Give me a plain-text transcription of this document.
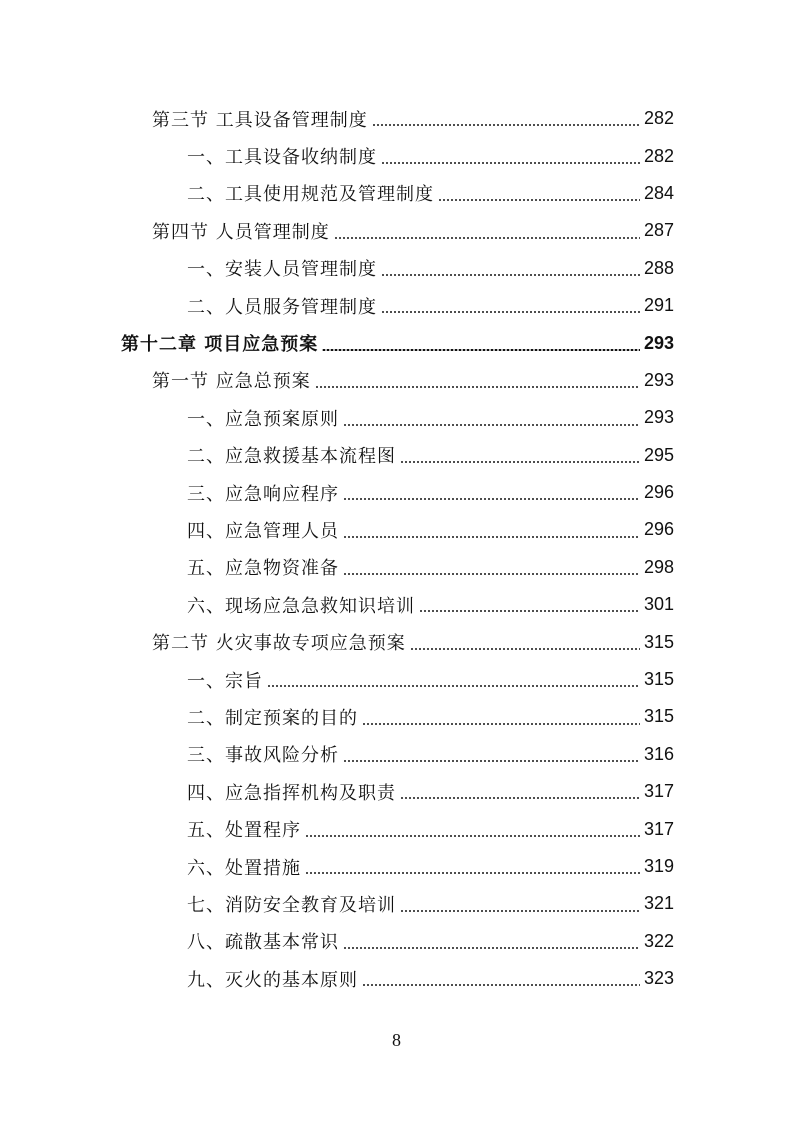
第三节 工具设备管理制度	282
一、工具设备收纳制度	282
二、工具使用规范及管理制度	284
第四节 人员管理制度	287
一、安装人员管理制度	288
二、人员服务管理制度	291
第十二章 项目应急预案	293
第一节 应急总预案	293
一、应急预案原则	293
二、应急救援基本流程图	295
三、应急响应程序	296
四、应急管理人员	296
五、应急物资准备	298
六、现场应急急救知识培训	301
第二节 火灾事故专项应急预案	315
一、宗旨	315
二、制定预案的目的	315
三、事故风险分析	316
四、应急指挥机构及职责	317
五、处置程序	317
六、处置措施	319
七、消防安全教育及培训	321
八、疏散基本常识	322
九、灭火的基本原则	323
8
